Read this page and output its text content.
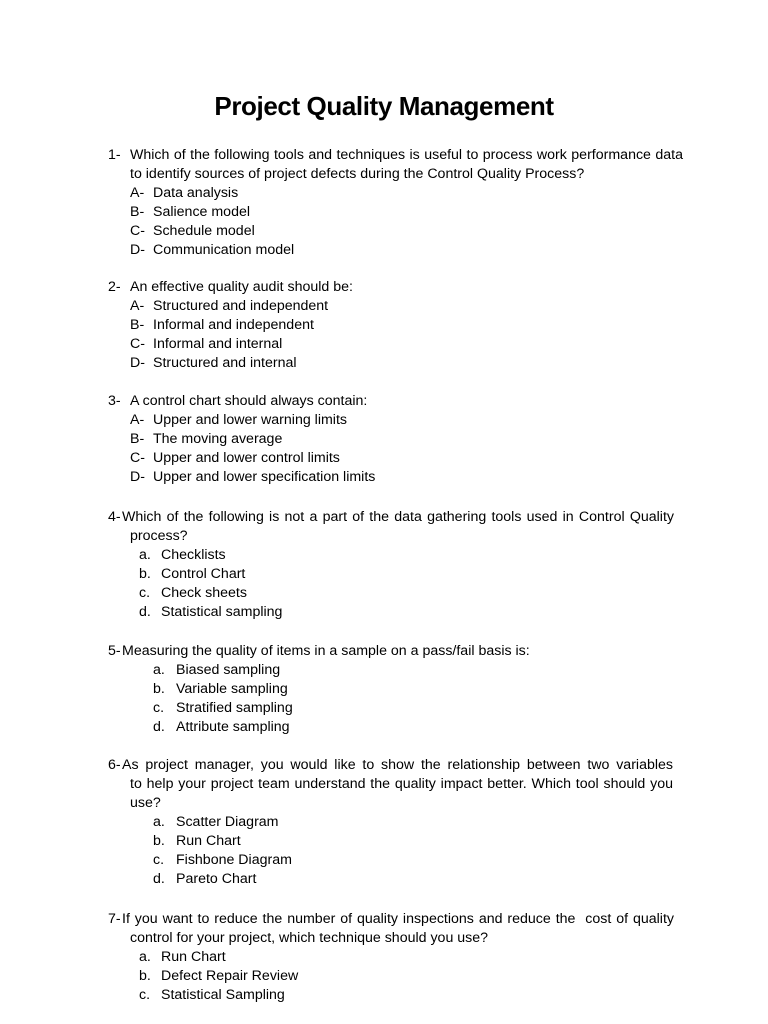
Project Quality Management
1- Which of the following tools and techniques is useful to process work performance data to identify sources of project defects during the Control Quality Process?
A- Data analysis
B- Salience model
C- Schedule model
D- Communication model
2- An effective quality audit should be:
A- Structured and independent
B- Informal and independent
C- Informal and internal
D- Structured and internal
3- A control chart should always contain:
A- Upper and lower warning limits
B- The moving average
C- Upper and lower control limits
D- Upper and lower specification limits
4- Which of the following is not a part of the data gathering tools used in Control Quality
process?
a. Checklists
b. Control Chart
c. Check sheets
d. Statistical sampling
5- Measuring the quality of items in a sample on a pass/fail basis is:
a. Biased sampling
b. Variable sampling
c. Stratified sampling
d. Attribute sampling
6- As project manager, you would like to show the relationship between two variables
to help your project team understand the quality impact better. Which tool should you use?
a. Scatter Diagram
b. Run Chart
c. Fishbone Diagram
d. Pareto Chart
7- If you want to reduce the number of quality inspections and reduce the  cost of quality
control for your project, which technique should you use?
a. Run Chart
b. Defect Repair Review
c. Statistical Sampling
